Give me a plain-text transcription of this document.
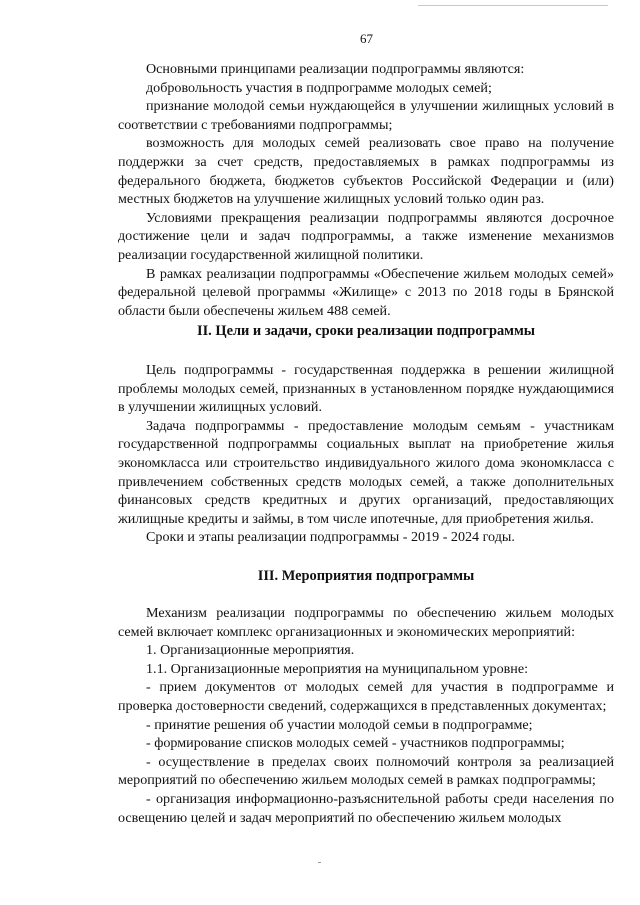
67

Основными принципами реализации подпрограммы являются:

добровольность участия в подпрограмме молодых семей;

признание молодой семьи нуждающейся в улучшении жилищных условий в соответствии с требованиями подпрограммы;

возможность для молодых семей реализовать свое право на получение поддержки за счет средств, предоставляемых в рамках подпрограммы из федерального бюджета, бюджетов субъектов Российской Федерации и (или) местных бюджетов на улучшение жилищных условий только один раз.

Условиями прекращения реализации подпрограммы являются досрочное достижение цели и задач подпрограммы, а также изменение механизмов реализации государственной жилищной политики.

В рамках реализации подпрограммы «Обеспечение жильем молодых семей» федеральной целевой программы «Жилище» с 2013 по 2018 годы в Брянской области были обеспечены жильем 488 семей.

II. Цели и задачи, сроки реализации подпрограммы

Цель подпрограммы - государственная поддержка в решении жилищной проблемы молодых семей, признанных в установленном порядке нуждающимися в улучшении жилищных условий.

Задача подпрограммы - предоставление молодым семьям - участникам государственной подпрограммы социальных выплат на приобретение жилья экономкласса или строительство индивидуального жилого дома экономкласса с привлечением собственных средств молодых семей, а также дополнительных финансовых средств кредитных и других организаций, предоставляющих жилищные кредиты и займы, в том числе ипотечные, для приобретения жилья.

Сроки и этапы реализации подпрограммы - 2019 - 2024 годы.

III. Мероприятия подпрограммы

Механизм реализации подпрограммы по обеспечению жильем молодых семей включает комплекс организационных и экономических мероприятий:

1. Организационные мероприятия.

1.1. Организационные мероприятия на муниципальном уровне:

- прием документов от молодых семей для участия в подпрограмме и проверка достоверности сведений, содержащихся в представленных документах;

- принятие решения об участии молодой семьи в подпрограмме;

- формирование списков молодых семей - участников подпрограммы;

- осуществление в пределах своих полномочий контроля за реализацией мероприятий по обеспечению жильем молодых семей в рамках подпрограммы;

- организация информационно-разъяснительной работы среди населения по освещению целей и задач мероприятий по обеспечению жильем молодых
